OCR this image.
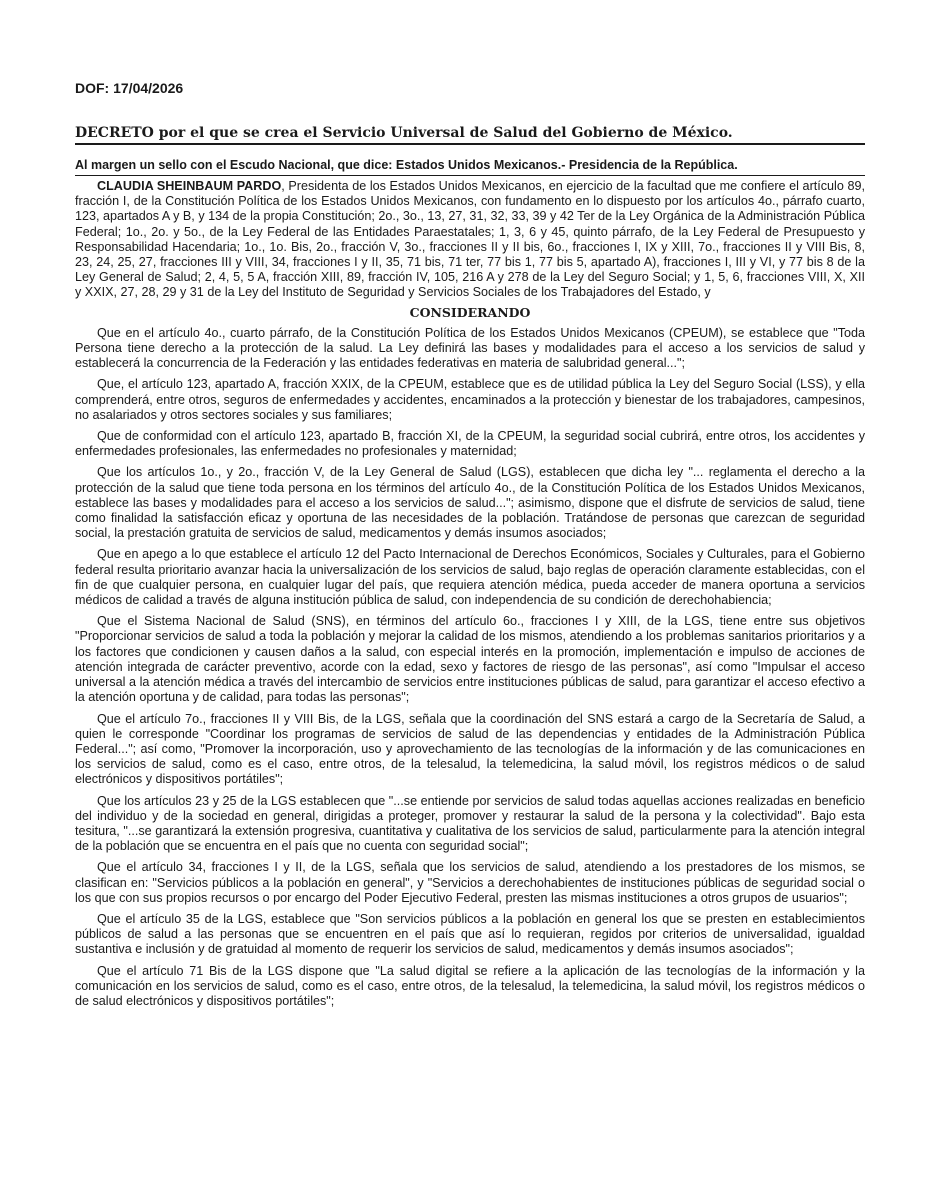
DOF: 17/04/2026
DECRETO por el que se crea el Servicio Universal de Salud del Gobierno de México.
Al margen un sello con el Escudo Nacional, que dice: Estados Unidos Mexicanos.- Presidencia de la República.

CLAUDIA SHEINBAUM PARDO, Presidenta de los Estados Unidos Mexicanos, en ejercicio de la facultad que me confiere el artículo 89, fracción I, de la Constitución Política de los Estados Unidos Mexicanos, con fundamento en lo dispuesto por los artículos 4o., párrafo cuarto, 123, apartados A y B, y 134 de la propia Constitución; 2o., 3o., 13, 27, 31, 32, 33, 39 y 42 Ter de la Ley Orgánica de la Administración Pública Federal; 1o., 2o. y 5o., de la Ley Federal de las Entidades Paraestatales; 1, 3, 6 y 45, quinto párrafo, de la Ley Federal de Presupuesto y Responsabilidad Hacendaria; 1o., 1o. Bis, 2o., fracción V, 3o., fracciones II y II bis, 6o., fracciones I, IX y XIII, 7o., fracciones II y VIII Bis, 8, 23, 24, 25, 27, fracciones III y VIII, 34, fracciones I y II, 35, 71 bis, 71 ter, 77 bis 1, 77 bis 5, apartado A), fracciones I, III y VI, y 77 bis 8 de la Ley General de Salud; 2, 4, 5, 5 A, fracción XIII, 89, fracción IV, 105, 216 A y 278 de la Ley del Seguro Social; y 1, 5, 6, fracciones VIII, X, XII y XXIX, 27, 28, 29 y 31 de la Ley del Instituto de Seguridad y Servicios Sociales de los Trabajadores del Estado, y

CONSIDERANDO

Que en el artículo 4o., cuarto párrafo, de la Constitución Política de los Estados Unidos Mexicanos (CPEUM), se establece que "Toda Persona tiene derecho a la protección de la salud. La Ley definirá las bases y modalidades para el acceso a los servicios de salud y establecerá la concurrencia de la Federación y las entidades federativas en materia de salubridad general...";

Que, el artículo 123, apartado A, fracción XXIX, de la CPEUM, establece que es de utilidad pública la Ley del Seguro Social (LSS), y ella comprenderá, entre otros, seguros de enfermedades y accidentes, encaminados a la protección y bienestar de los trabajadores, campesinos, no asalariados y otros sectores sociales y sus familiares;

Que de conformidad con el artículo 123, apartado B, fracción XI, de la CPEUM, la seguridad social cubrirá, entre otros, los accidentes y enfermedades profesionales, las enfermedades no profesionales y maternidad;

Que los artículos 1o., y 2o., fracción V, de la Ley General de Salud (LGS), establecen que dicha ley "... reglamenta el derecho a la protección de la salud que tiene toda persona en los términos del artículo 4o., de la Constitución Política de los Estados Unidos Mexicanos, establece las bases y modalidades para el acceso a los servicios de salud..."; asimismo, dispone que el disfrute de servicios de salud, tiene como finalidad la satisfacción eficaz y oportuna de las necesidades de la población. Tratándose de personas que carezcan de seguridad social, la prestación gratuita de servicios de salud, medicamentos y demás insumos asociados;

Que en apego a lo que establece el artículo 12 del Pacto Internacional de Derechos Económicos, Sociales y Culturales, para el Gobierno federal resulta prioritario avanzar hacia la universalización de los servicios de salud, bajo reglas de operación claramente establecidas, con el fin de que cualquier persona, en cualquier lugar del país, que requiera atención médica, pueda acceder de manera oportuna a servicios médicos de calidad a través de alguna institución pública de salud, con independencia de su condición de derechohabiencia;

Que el Sistema Nacional de Salud (SNS), en términos del artículo 6o., fracciones I y XIII, de la LGS, tiene entre sus objetivos "Proporcionar servicios de salud a toda la población y mejorar la calidad de los mismos, atendiendo a los problemas sanitarios prioritarios y a los factores que condicionen y causen daños a la salud, con especial interés en la promoción, implementación e impulso de acciones de atención integrada de carácter preventivo, acorde con la edad, sexo y factores de riesgo de las personas", así como "Impulsar el acceso universal a la atención médica a través del intercambio de servicios entre instituciones públicas de salud, para garantizar el acceso efectivo a la atención oportuna y de calidad, para todas las personas";

Que el artículo 7o., fracciones II y VIII Bis, de la LGS, señala que la coordinación del SNS estará a cargo de la Secretaría de Salud, a quien le corresponde "Coordinar los programas de servicios de salud de las dependencias y entidades de la Administración Pública Federal..."; así como, "Promover la incorporación, uso y aprovechamiento de las tecnologías de la información y de las comunicaciones en los servicios de salud, como es el caso, entre otros, de la telesalud, la telemedicina, la salud móvil, los registros médicos o de salud electrónicos y dispositivos portátiles";

Que los artículos 23 y 25 de la LGS establecen que "...se entiende por servicios de salud todas aquellas acciones realizadas en beneficio del individuo y de la sociedad en general, dirigidas a proteger, promover y restaurar la salud de la persona y la colectividad". Bajo esta tesitura, "...se garantizará la extensión progresiva, cuantitativa y cualitativa de los servicios de salud, particularmente para la atención integral de la población que se encuentra en el país que no cuenta con seguridad social";

Que el artículo 34, fracciones I y II, de la LGS, señala que los servicios de salud, atendiendo a los prestadores de los mismos, se clasifican en: "Servicios públicos a la población en general", y "Servicios a derechohabientes de instituciones públicas de seguridad social o los que con sus propios recursos o por encargo del Poder Ejecutivo Federal, presten las mismas instituciones a otros grupos de usuarios";

Que el artículo 35 de la LGS, establece que "Son servicios públicos a la población en general los que se presten en establecimientos públicos de salud a las personas que se encuentren en el país que así lo requieran, regidos por criterios de universalidad, igualdad sustantiva e inclusión y de gratuidad al momento de requerir los servicios de salud, medicamentos y demás insumos asociados";

Que el artículo 71 Bis de la LGS dispone que "La salud digital se refiere a la aplicación de las tecnologías de la información y la comunicación en los servicios de salud, como es el caso, entre otros, de la telesalud, la telemedicina, la salud móvil, los registros médicos o de salud electrónicos y dispositivos portátiles";
